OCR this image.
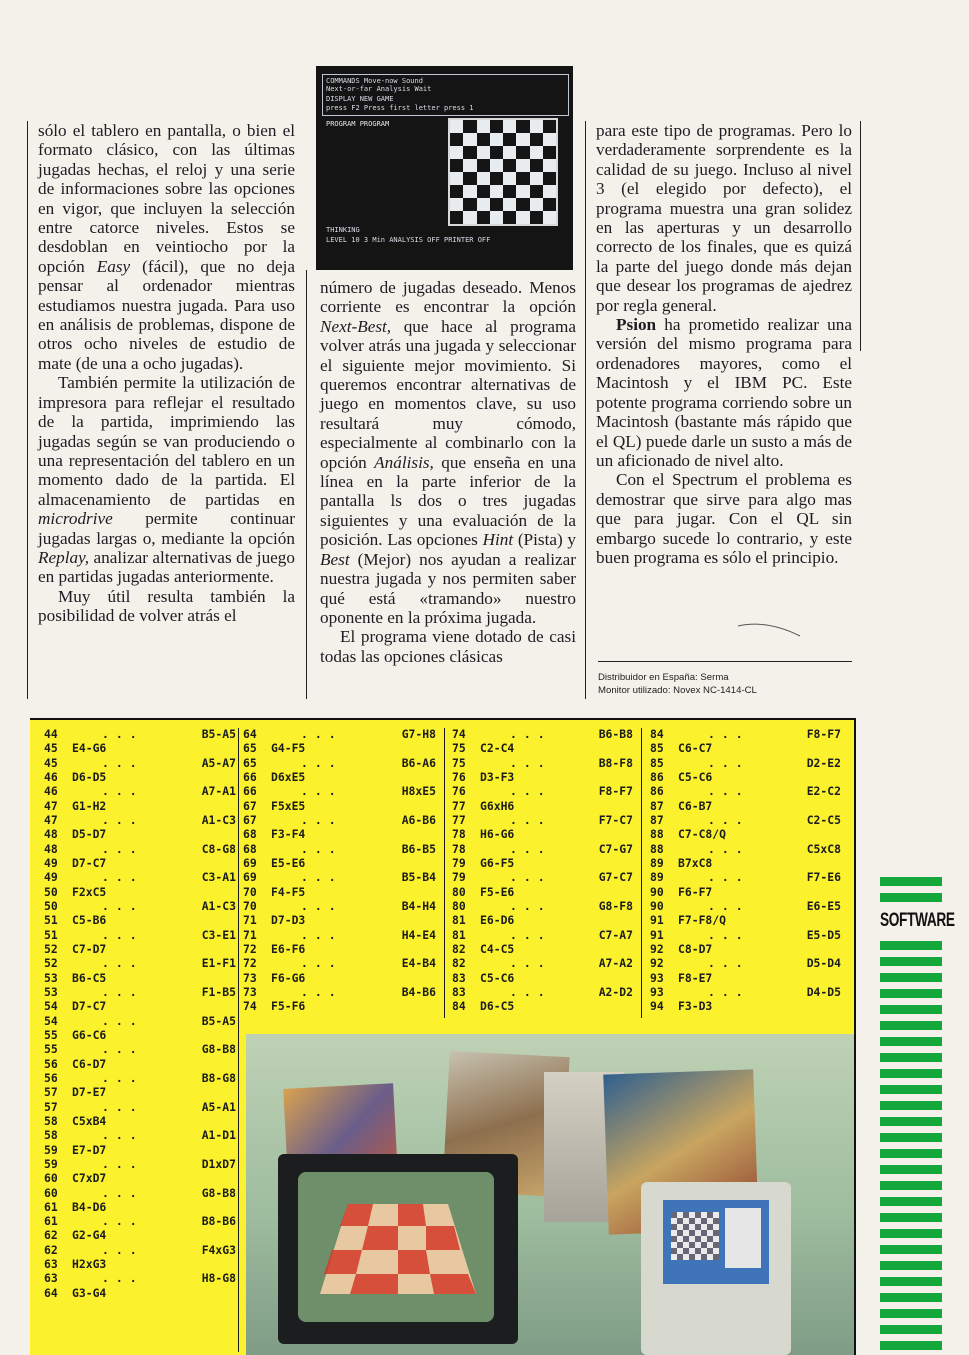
COMMANDS Move-now Sound
Next-or-far Analysis Wait
DISPLAY NEW GAME
press F2 Press first letter press 1
PROGRAM PROGRAM
THINKING
LEVEL 10 3 Min ANALYSIS OFF PRINTER OFF

sólo el tablero en pantalla, o bien el formato clásico, con las últimas jugadas hechas, el reloj y una serie de informaciones sobre las opciones en vigor, que incluyen la selección entre catorce niveles. Estos se desdoblan en veintiocho por la opción Easy (fácil), que no deja pensar al ordenador mientras estudiamos nuestra jugada. Para uso en análisis de problemas, dispone de otros ocho niveles de estudio de mate (de una a ocho jugadas).

También permite la utilización de impresora para reflejar el resultado de la partida, imprimiendo las jugadas según se van produciendo o una representación del tablero en un momento dado de la partida. El almacenamiento de partidas en microdrive permite continuar jugadas largas o, mediante la opción Replay, analizar alternativas de juego en partidas jugadas anteriormente.

Muy útil resulta también la posibilidad de volver atrás el

número de jugadas deseado. Menos corriente es encontrar la opción Next-Best, que hace al programa volver atrás una jugada y seleccionar el siguiente mejor movimiento. Si queremos encontrar alternativas de juego en momentos clave, su uso resultará muy cómodo, especialmente al combinarlo con la opción Análisis, que enseña en una línea en la parte inferior de la pantalla ls dos o tres jugadas siguientes y una evaluación de la posición. Las opciones Hint (Pista) y Best (Mejor) nos ayudan a realizar nuestra jugada y nos permiten saber qué está «tramando» nuestro oponente en la próxima jugada.

El programa viene dotado de casi todas las opciones clásicas

para este tipo de programas. Pero lo verdaderamente sorprendente es la calidad de su juego. Incluso al nivel 3 (el elegido por defecto), el programa muestra una gran solidez en las aperturas y un desarrollo correcto de los finales, que es quizá la parte del juego donde más dejan que desear los programas de ajedrez por regla general.

Psion ha prometido realizar una versión del mismo programa para ordenadores mayores, como el Macintosh y el IBM PC. Este potente programa corriendo sobre un Macintosh (bastante más rápido que el QL) puede darle un susto a más de un aficionado de nivel alto.

Con el Spectrum el problema es demostrar que sirve para algo mas que para jugar. Con el QL sin embargo sucede lo contrario, y este buen programa es sólo el principio.

Distribuidor en España: Serma
Monitor utilizado: Novex NC-1414-CL
44	...	B5-A5
45 E4-G6
45	...	A5-A7
46 D6-D5
46	...	A7-A1
47 G1-H2
47	...	A1-C3
48 D5-D7
48	...	C8-G8
49 D7-C7
49	...	C3-A1
50 F2xC5
50	...	A1-C3
51 C5-B6
51	...	C3-E1
52 C7-D7
52	...	E1-F1
53 B6-C5
53	...	F1-B5
54 D7-C7
54	...	B5-A5
55 G6-C6
55	...	G8-B8
56 C6-D7
56	...	B8-G8
57 D7-E7
57	...	A5-A1
58 C5xB4
58	...	A1-D1
59 E7-D7
59	...	D1xD7
60 C7xD7
60	...	G8-B8
61 B4-D6
61	...	B8-B6
62 G2-G4
62	...	F4xG3
63 H2xG3
63	...	H8-G8
64 G3-G4
64	...	G7-H8
65 G4-F5
65	...	B6-A6
66 D6xE5
66	...	H8xE5
67 F5xE5
67	...	A6-B6
68 F3-F4
68	...	B6-B5
69 E5-E6
69	...	B5-B4
70 F4-F5
70	...	B4-H4
71 D7-D3
71	...	H4-E4
72 E6-F6
72	...	E4-B4
73 F6-G6
73	...	B4-B6
74 F5-F6
74	...	B6-B8
75 C2-C4
75	...	B8-F8
76 D3-F3
76	...	F8-F7
77 G6xH6
77	...	F7-C7
78 H6-G6
78	...	C7-G7
79 G6-F5
79	...	G7-C7
80 F5-E6
80	...	G8-F8
81 E6-D6
81	...	C7-A7
82 C4-C5
82	...	A7-A2
83 C5-C6
83	...	A2-D2
84 D6-C5
84	...	F8-F7
85 C6-C7
85	...	D2-E2
86 C5-C6
86	...	E2-C2
87 C6-B7
87	...	C2-C5
88 C7-C8/Q
88	...	C5xC8
89 B7xC8
89	...	F7-E6
90 F6-F7
90	...	E6-E5
91 F7-F8/Q
91	...	E5-D5
92 C8-D7
92	...	D5-D4
93 F8-E7
93	...	D4-D5
94 F3-D3
SOFTWARE
